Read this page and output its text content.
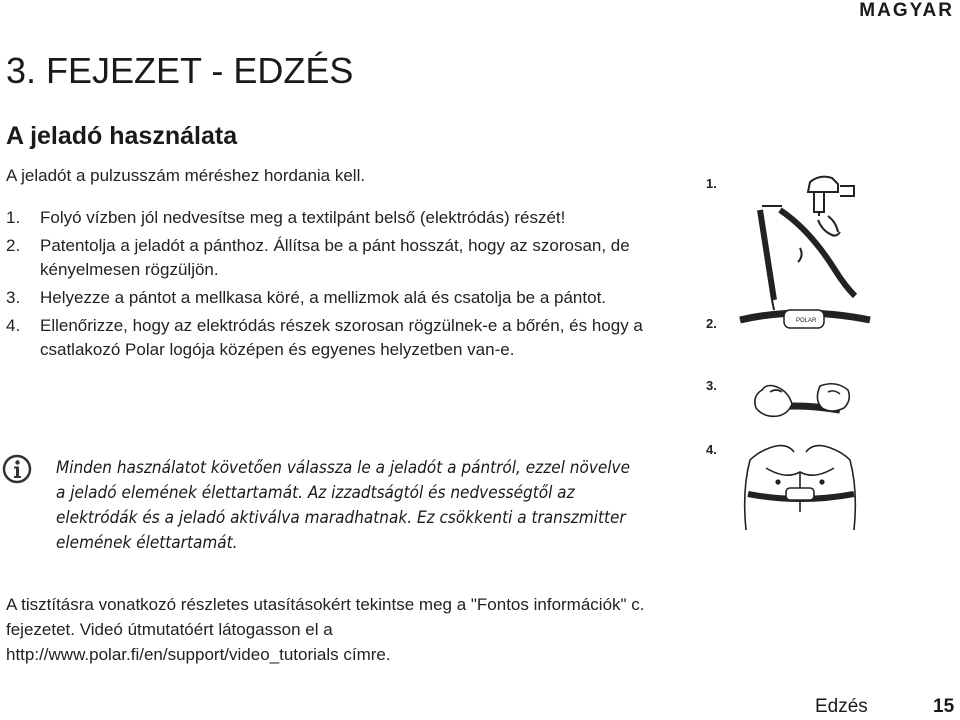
MAGYAR
3. FEJEZET - EDZÉS
A jeladó használata

A jeladót a pulzusszám méréshez hordania kell.

1.	Folyó vízben jól nedvesítse meg a textilpánt belső (elektródás) részét!
2.	Patentolja a jeladót a pánthoz. Állítsa be a pánt hosszát, hogy az szorosan, de kényelmesen rögzüljön.
3.	Helyezze a pántot a mellkasa köré, a mellizmok alá és csatolja be a pántot.
4.	Ellenőrizze, hogy az elektródás részek szorosan rögzülnek-e a bőrén, és hogy a csatlakozó Polar logója középen és egyenes helyzetben van-e.

Minden használatot követően válassza le a jeladót a pántról, ezzel növelve a jeladó elemének élettartamát. Az izzadtságtól és nedvességtől az elektródák és a jeladó aktiválva maradhatnak. Ez csökkenti a transzmitter elemének élettartamát.

1.
2.
3.
4.
POLAR

A tisztításra vonatkozó részletes utasításokért tekintse meg a "Fontos információk" c. fejezetet. Videó útmutatóért látogasson el a http://www.polar.fi/en/support/video_tutorials címre.

Edzés	15
